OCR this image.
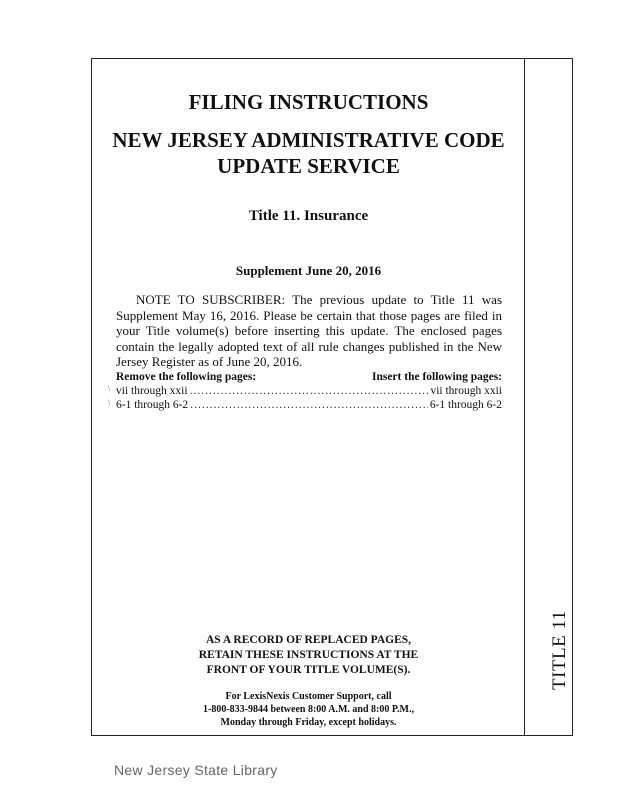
TITLE 11
FILING INSTRUCTIONS
NEW JERSEY ADMINISTRATIVE CODE
UPDATE SERVICE
Title 11. Insurance
Supplement June 20, 2016

NOTE TO SUBSCRIBER: The previous update to Title 11 was Supplement May 16, 2016. Please be certain that those pages are filed in your Title volume(s) before inserting this update. The enclosed pages contain the legally adopted text of all rule changes published in the New Jersey Register as of June 20, 2016.

Remove the following pages:	Insert the following pages:
vii through xxii .....	vii through xxii
6-1 through 6-2 .....	6-1 through 6-2
\
\
AS A RECORD OF REPLACED PAGES,
RETAIN THESE INSTRUCTIONS AT THE
FRONT OF YOUR TITLE VOLUME(S).
For LexisNexis Customer Support, call
1-800-833-9844 between 8:00 A.M. and 8:00 P.M.,
Monday through Friday, except holidays.
New Jersey State Library
